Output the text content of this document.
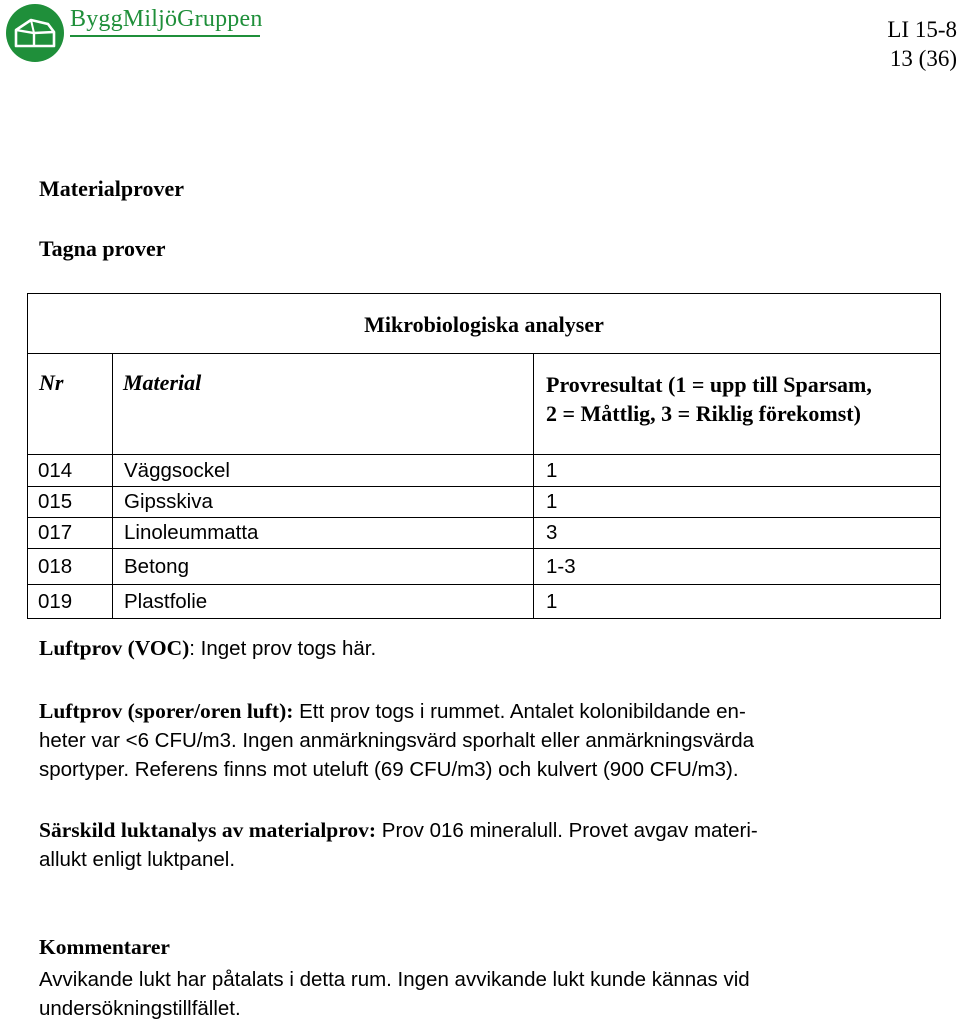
ByggMiljöGruppen	LI 15-8
13 (36)
Materialprover
Tagna prover
Mikrobiologiska analyser		
Nr	Material	Provresultat (1 = upp till Sparsam,
2 = Måttlig, 3 = Riklig förekomst)
014	Väggsockel	1
015	Gipsskiva	1
017	Linoleummatta	3
018	Betong	1-3
019	Plastfolie	1
Luftprov (VOC): Inget prov togs här.
Luftprov (sporer/oren luft): Ett prov togs i rummet. Antalet kolonibildande en-
heter var <6 CFU/m3. Ingen anmärkningsvärd sporhalt eller anmärkningsvärda
sportyper. Referens finns mot uteluft (69 CFU/m3) och kulvert (900 CFU/m3).
Särskild luktanalys av materialprov: Prov 016 mineralull. Provet avgav materi-
allukt enligt luktpanel.
Kommentarer
Avvikande lukt har påtalats i detta rum. Ingen avvikande lukt kunde kännas vid
undersökningstillfället.
